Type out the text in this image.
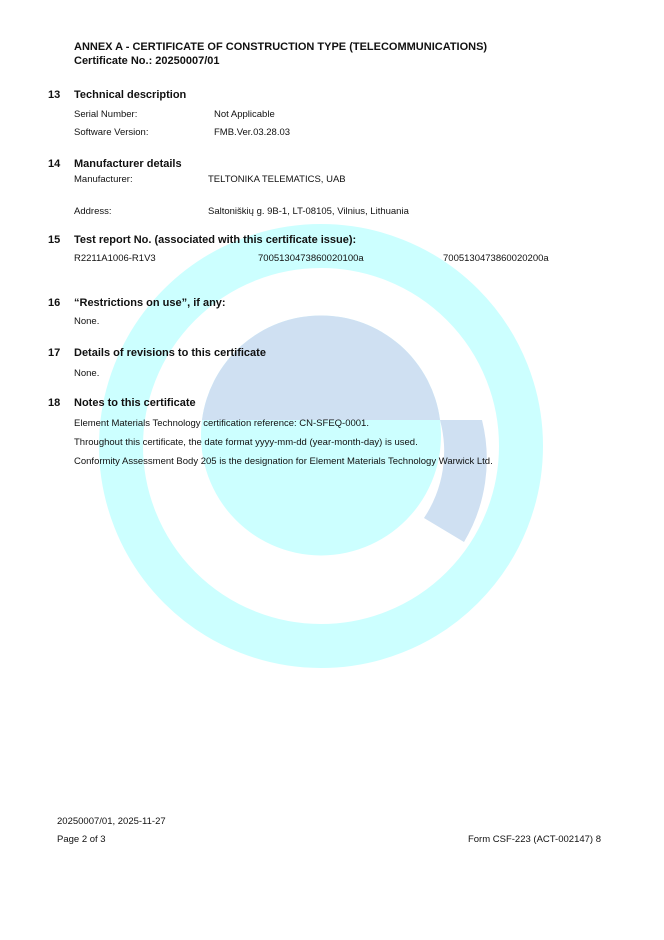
ANNEX A - CERTIFICATE OF CONSTRUCTION TYPE (TELECOMMUNICATIONS)
Certificate No.: 20250007/01
13 Technical description
Serial Number:	Not Applicable
Software Version:	FMB.Ver.03.28.03
14 Manufacturer details
Manufacturer:	TELTONIKA TELEMATICS, UAB
Address:	Saltoniškių g. 9B-1, LT-08105, Vilnius, Lithuania
15 Test report No. (associated with this certificate issue):
R2211A1006-R1V3	7005130473860020100a	7005130473860020200a
16 “Restrictions on use”, if any:
None.
17 Details of revisions to this certificate
None.
18 Notes to this certificate
Element Materials Technology certification reference: CN-SFEQ-0001.
Throughout this certificate, the date format yyyy-mm-dd (year-month-day) is used.
Conformity Assessment Body 205 is the designation for Element Materials Technology Warwick Ltd.
20250007/01, 2025-11-27
Page 2 of 3	Form CSF-223 (ACT-002147) 8
